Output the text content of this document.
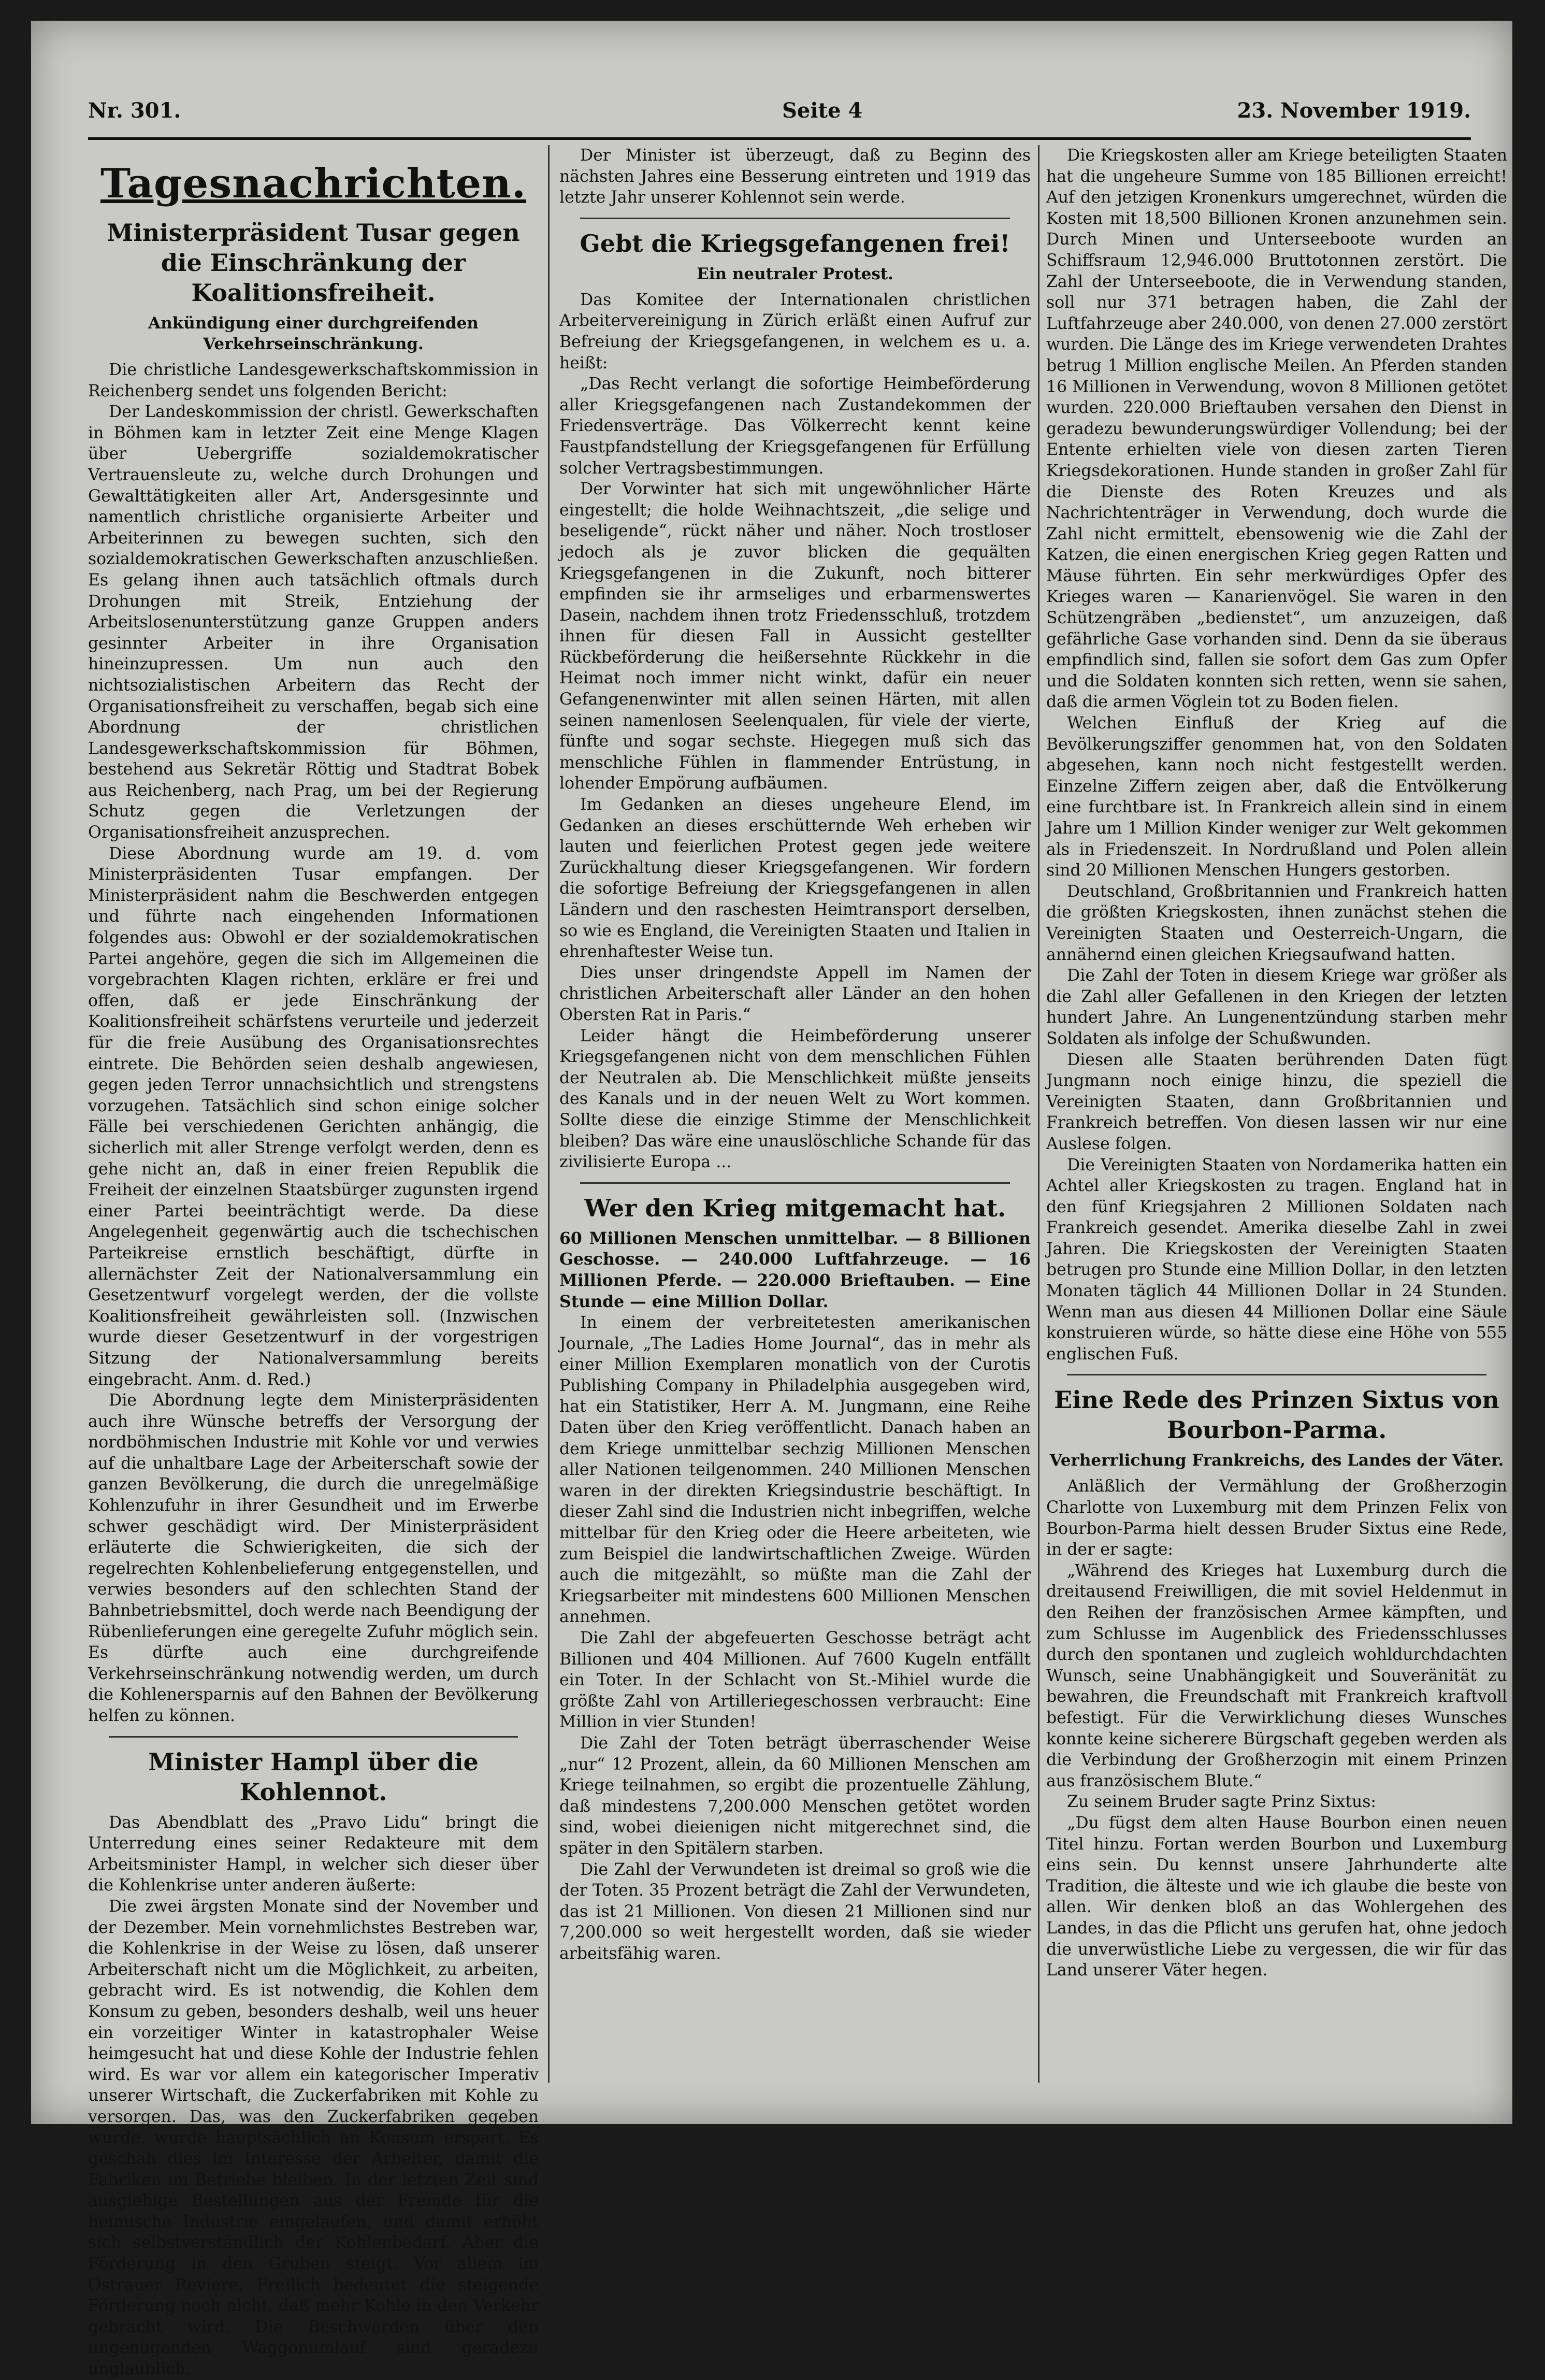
Nr. 301.	Seite 4	23. November 1919.
Tagesnachrichten.
Ministerpräsident Tusar gegen die Einschränkung der Koalitionsfreiheit.
Ankündigung einer durchgreifenden Verkehrseinschränkung.

Die christliche Landesgewerkschaftskommission in Reichenberg sendet uns folgenden Bericht:

Der Landeskommission der christl. Gewerkschaften in Böhmen kam in letzter Zeit eine Menge Klagen über Uebergriffe sozialdemokratischer Vertrauensleute zu, welche durch Drohungen und Gewalttätigkeiten aller Art, Andersgesinnte und namentlich christliche organisierte Arbeiter und Arbeiterinnen zu bewegen suchten, sich den sozialdemokratischen Gewerkschaften anzuschließen. Es gelang ihnen auch tatsächlich oftmals durch Drohungen mit Streik, Entziehung der Arbeitslosenunterstützung ganze Gruppen anders gesinnter Arbeiter in ihre Organisation hineinzupressen. Um nun auch den nichtsozialistischen Arbeitern das Recht der Organisationsfreiheit zu verschaffen, begab sich eine Abordnung der christlichen Landesgewerkschaftskommission für Böhmen, bestehend aus Sekretär Röttig und Stadtrat Bobek aus Reichenberg, nach Prag, um bei der Regierung Schutz gegen die Verletzungen der Organisationsfreiheit anzusprechen.

Diese Abordnung wurde am 19. d. vom Ministerpräsidenten Tusar empfangen. Der Ministerpräsident nahm die Beschwerden entgegen und führte nach eingehenden Informationen folgendes aus: Obwohl er der sozialdemokratischen Partei angehöre, gegen die sich im Allgemeinen die vorgebrachten Klagen richten, erkläre er frei und offen, daß er jede Einschränkung der Koalitionsfreiheit schärfstens verurteile und jederzeit für die freie Ausübung des Organisationsrechtes eintrete. Die Behörden seien deshalb angewiesen, gegen jeden Terror unnachsichtlich und strengstens vorzugehen. Tatsächlich sind schon einige solcher Fälle bei verschiedenen Gerichten anhängig, die sicherlich mit aller Strenge verfolgt werden, denn es gehe nicht an, daß in einer freien Republik die Freiheit der einzelnen Staatsbürger zugunsten irgend einer Partei beeinträchtigt werde. Da diese Angelegenheit gegenwärtig auch die tschechischen Parteikreise ernstlich beschäftigt, dürfte in allernächster Zeit der Nationalversammlung ein Gesetzentwurf vorgelegt werden, der die vollste Koalitionsfreiheit gewährleisten soll. (Inzwischen wurde dieser Gesetzentwurf in der vorgestrigen Sitzung der Nationalversammlung bereits eingebracht. Anm. d. Red.)

Die Abordnung legte dem Ministerpräsidenten auch ihre Wünsche betreffs der Versorgung der nordböhmischen Industrie mit Kohle vor und verwies auf die unhaltbare Lage der Arbeiterschaft sowie der ganzen Bevölkerung, die durch die unregelmäßige Kohlenzufuhr in ihrer Gesundheit und im Erwerbe schwer geschädigt wird. Der Ministerpräsident erläuterte die Schwierigkeiten, die sich der regelrechten Kohlenbelieferung entgegenstellen, und verwies besonders auf den schlechten Stand der Bahnbetriebsmittel, doch werde nach Beendigung der Rübenlieferungen eine geregelte Zufuhr möglich sein. Es dürfte auch eine durchgreifende Verkehrseinschränkung notwendig werden, um durch die Kohlenersparnis auf den Bahnen der Bevölkerung helfen zu können.

Minister Hampl über die Kohlennot.

Das Abendblatt des „Pravo Lidu“ bringt die Unterredung eines seiner Redakteure mit dem Arbeitsminister Hampl, in welcher sich dieser über die Kohlenkrise unter anderen äußerte:

Die zwei ärgsten Monate sind der November und der Dezember. Mein vornehmlichstes Bestreben war, die Kohlenkrise in der Weise zu lösen, daß unserer Arbeiterschaft nicht um die Möglichkeit, zu arbeiten, gebracht wird. Es ist notwendig, die Kohlen dem Konsum zu geben, besonders deshalb, weil uns heuer ein vorzeitiger Winter in katastrophaler Weise heimgesucht hat und diese Kohle der Industrie fehlen wird. Es war vor allem ein kategorischer Imperativ unserer Wirtschaft, die Zuckerfabriken mit Kohle zu versorgen. Das, was den Zuckerfabriken gegeben wurde, wurde hauptsächlich an Konsum erspart. Es geschah dies im Interesse der Arbeiter, damit die Fabriken im Betriebe bleiben. In der letzten Zeit sind ausgiebige Bestellungen aus der Fremde für die heimische Industrie eingelaufen, und damit erhöht sich selbstverständlich der Kohlenbedarf. Aber die Förderung in den Gruben steigt. Vor allem im Ostrauer Reviere. Freilich bedeutet die steigende Förderung noch nicht, daß mehr Kohle in den Verkehr gebracht wird. Die Beschwerden über den ungenügenden Waggonumlauf sind geradezu unglaublich.

Der Minister ist überzeugt, daß zu Beginn des nächsten Jahres eine Besserung eintreten und 1919 das letzte Jahr unserer Kohlennot sein werde.

Gebt die Kriegsgefangenen frei!
Ein neutraler Protest.

Das Komitee der Internationalen christlichen Arbeitervereinigung in Zürich erläßt einen Aufruf zur Befreiung der Kriegsgefangenen, in welchem es u. a. heißt:

„Das Recht verlangt die sofortige Heimbeförderung aller Kriegsgefangenen nach Zustandekommen der Friedensverträge. Das Völkerrecht kennt keine Faustpfandstellung der Kriegsgefangenen für Erfüllung solcher Vertragsbestimmungen.

Der Vorwinter hat sich mit ungewöhnlicher Härte eingestellt; die holde Weihnachtszeit, „die selige und beseligende“, rückt näher und näher. Noch trostloser jedoch als je zuvor blicken die gequälten Kriegsgefangenen in die Zukunft, noch bitterer empfinden sie ihr armseliges und erbarmenswertes Dasein, nachdem ihnen trotz Friedensschluß, trotzdem ihnen für diesen Fall in Aussicht gestellter Rückbeförderung die heißersehnte Rückkehr in die Heimat noch immer nicht winkt, dafür ein neuer Gefangenenwinter mit allen seinen Härten, mit allen seinen namenlosen Seelenqualen, für viele der vierte, fünfte und sogar sechste. Hiegegen muß sich das menschliche Fühlen in flammender Entrüstung, in lohender Empörung aufbäumen.

Im Gedanken an dieses ungeheure Elend, im Gedanken an dieses erschütternde Weh erheben wir lauten und feierlichen Protest gegen jede weitere Zurückhaltung dieser Kriegsgefangenen. Wir fordern die sofortige Befreiung der Kriegsgefangenen in allen Ländern und den raschesten Heimtransport derselben, so wie es England, die Vereinigten Staaten und Italien in ehrenhaftester Weise tun.

Dies unser dringendste Appell im Namen der christlichen Arbeiterschaft aller Länder an den hohen Obersten Rat in Paris.“

Leider hängt die Heimbeförderung unserer Kriegsgefangenen nicht von dem menschlichen Fühlen der Neutralen ab. Die Menschlichkeit müßte jenseits des Kanals und in der neuen Welt zu Wort kommen. Sollte diese die einzige Stimme der Menschlichkeit bleiben? Das wäre eine unauslöschliche Schande für das zivilisierte Europa ...

Wer den Krieg mitgemacht hat.

60 Millionen Menschen unmittelbar. — 8 Billionen Geschosse. — 240.000 Luftfahrzeuge. — 16 Millionen Pferde. — 220.000 Brieftauben. — Eine Stunde — eine Million Dollar.

In einem der verbreitetesten amerikanischen Journale, „The Ladies Home Journal“, das in mehr als einer Million Exemplaren monatlich von der Curotis Publishing Company in Philadelphia ausgegeben wird, hat ein Statistiker, Herr A. M. Jungmann, eine Reihe Daten über den Krieg veröffentlicht. Danach haben an dem Kriege unmittelbar sechzig Millionen Menschen aller Nationen teilgenommen. 240 Millionen Menschen waren in der direkten Kriegsindustrie beschäftigt. In dieser Zahl sind die Industrien nicht inbegriffen, welche mittelbar für den Krieg oder die Heere arbeiteten, wie zum Beispiel die landwirtschaftlichen Zweige. Würden auch die mitgezählt, so müßte man die Zahl der Kriegsarbeiter mit mindestens 600 Millionen Menschen annehmen.

Die Zahl der abgefeuerten Geschosse beträgt acht Billionen und 404 Millionen. Auf 7600 Kugeln entfällt ein Toter. In der Schlacht von St.-Mihiel wurde die größte Zahl von Artilleriegeschossen verbraucht: Eine Million in vier Stunden!

Die Zahl der Toten beträgt überraschender Weise „nur“ 12 Prozent, allein, da 60 Millionen Menschen am Kriege teilnahmen, so ergibt die prozentuelle Zählung, daß mindestens 7,200.000 Menschen getötet worden sind, wobei dieienigen nicht mitgerechnet sind, die später in den Spitälern starben.

Die Zahl der Verwundeten ist dreimal so groß wie die der Toten. 35 Prozent beträgt die Zahl der Verwundeten, das ist 21 Millionen. Von diesen 21 Millionen sind nur 7,200.000 so weit hergestellt worden, daß sie wieder arbeitsfähig waren.

Die Kriegskosten aller am Kriege beteiligten Staaten hat die ungeheure Summe von 185 Billionen erreicht! Auf den jetzigen Kronenkurs umgerechnet, würden die Kosten mit 18,500 Billionen Kronen anzunehmen sein. Durch Minen und Unterseeboote wurden an Schiffsraum 12,946.000 Bruttotonnen zerstört. Die Zahl der Unterseeboote, die in Verwendung standen, soll nur 371 betragen haben, die Zahl der Luftfahrzeuge aber 240.000, von denen 27.000 zerstört wurden. Die Länge des im Kriege verwendeten Drahtes betrug 1 Million englische Meilen. An Pferden standen 16 Millionen in Verwendung, wovon 8 Millionen getötet wurden. 220.000 Brieftauben versahen den Dienst in geradezu bewunderungswürdiger Vollendung; bei der Entente erhielten viele von diesen zarten Tieren Kriegsdekorationen. Hunde standen in großer Zahl für die Dienste des Roten Kreuzes und als Nachrichtenträger in Verwendung, doch wurde die Zahl nicht ermittelt, ebensowenig wie die Zahl der Katzen, die einen energischen Krieg gegen Ratten und Mäuse führten. Ein sehr merkwürdiges Opfer des Krieges waren — Kanarienvögel. Sie waren in den Schützengräben „bedienstet“, um anzuzeigen, daß gefährliche Gase vorhanden sind. Denn da sie überaus empfindlich sind, fallen sie sofort dem Gas zum Opfer und die Soldaten konnten sich retten, wenn sie sahen, daß die armen Vöglein tot zu Boden fielen.

Welchen Einfluß der Krieg auf die Bevölkerungsziffer genommen hat, von den Soldaten abgesehen, kann noch nicht festgestellt werden. Einzelne Ziffern zeigen aber, daß die Entvölkerung eine furchtbare ist. In Frankreich allein sind in einem Jahre um 1 Million Kinder weniger zur Welt gekommen als in Friedenszeit. In Nordrußland und Polen allein sind 20 Millionen Menschen Hungers gestorben.

Deutschland, Großbritannien und Frankreich hatten die größten Kriegskosten, ihnen zunächst stehen die Vereinigten Staaten und Oesterreich-Ungarn, die annähernd einen gleichen Kriegsaufwand hatten.

Die Zahl der Toten in diesem Kriege war größer als die Zahl aller Gefallenen in den Kriegen der letzten hundert Jahre. An Lungenentzündung starben mehr Soldaten als infolge der Schußwunden.

Diesen alle Staaten berührenden Daten fügt Jungmann noch einige hinzu, die speziell die Vereinigten Staaten, dann Großbritannien und Frankreich betreffen. Von diesen lassen wir nur eine Auslese folgen.

Die Vereinigten Staaten von Nordamerika hatten ein Achtel aller Kriegskosten zu tragen. England hat in den fünf Kriegsjahren 2 Millionen Soldaten nach Frankreich gesendet. Amerika dieselbe Zahl in zwei Jahren. Die Kriegskosten der Vereinigten Staaten betrugen pro Stunde eine Million Dollar, in den letzten Monaten täglich 44 Millionen Dollar in 24 Stunden. Wenn man aus diesen 44 Millionen Dollar eine Säule konstruieren würde, so hätte diese eine Höhe von 555 englischen Fuß.

Eine Rede des Prinzen Sixtus von Bourbon-Parma.
Verherrlichung Frankreichs, des Landes der Väter.

Anläßlich der Vermählung der Großherzogin Charlotte von Luxemburg mit dem Prinzen Felix von Bourbon-Parma hielt dessen Bruder Sixtus eine Rede, in der er sagte:

„Während des Krieges hat Luxemburg durch die dreitausend Freiwilligen, die mit soviel Heldenmut in den Reihen der französischen Armee kämpften, und zum Schlusse im Augenblick des Friedensschlusses durch den spontanen und zugleich wohldurchdachten Wunsch, seine Unabhängigkeit und Souveränität zu bewahren, die Freundschaft mit Frankreich kraftvoll befestigt. Für die Verwirklichung dieses Wunsches konnte keine sicherere Bürgschaft gegeben werden als die Verbindung der Großherzogin mit einem Prinzen aus französischem Blute.“

Zu seinem Bruder sagte Prinz Sixtus:

„Du fügst dem alten Hause Bourbon einen neuen Titel hinzu. Fortan werden Bourbon und Luxemburg eins sein. Du kennst unsere Jahrhunderte alte Tradition, die älteste und wie ich glaube die beste von allen. Wir denken bloß an das Wohlergehen des Landes, in das die Pflicht uns gerufen hat, ohne jedoch die unverwüstliche Liebe zu vergessen, die wir für das Land unserer Väter hegen.
